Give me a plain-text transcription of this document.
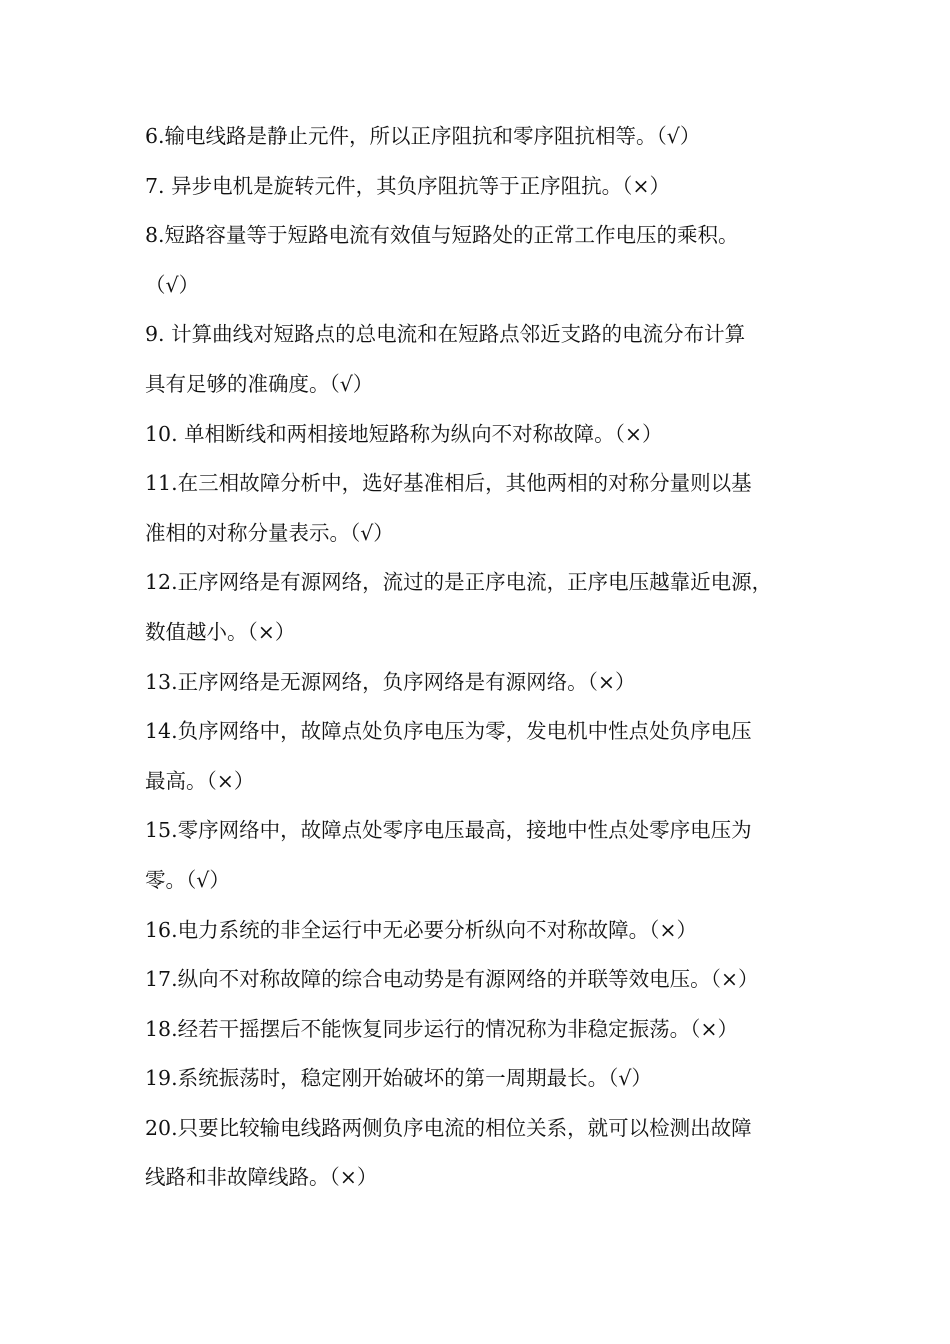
6.输电线路是静止元件，所以正序阻抗和零序阻抗相等。（√）
7. 异步电机是旋转元件，其负序阻抗等于正序阻抗。（×）
8.短路容量等于短路电流有效值与短路处的正常工作电压的乘积。
（√）
9. 计算曲线对短路点的总电流和在短路点邻近支路的电流分布计算
具有足够的准确度。（√）
10. 单相断线和两相接地短路称为纵向不对称故障。（×）
11.在三相故障分析中，选好基准相后，其他两相的对称分量则以基
准相的对称分量表示。（√）
12.正序网络是有源网络，流过的是正序电流，正序电压越靠近电源，
数值越小。（×）
13.正序网络是无源网络，负序网络是有源网络。（×）
14.负序网络中，故障点处负序电压为零，发电机中性点处负序电压
最高。（×）
15.零序网络中，故障点处零序电压最高，接地中性点处零序电压为
零。（√）
16.电力系统的非全运行中无必要分析纵向不对称故障。（×）
17.纵向不对称故障的综合电动势是有源网络的并联等效电压。（×）
18.经若干摇摆后不能恢复同步运行的情况称为非稳定振荡。（×）
19.系统振荡时，稳定刚开始破坏的第一周期最长。（√）
20.只要比较输电线路两侧负序电流的相位关系，就可以检测出故障
线路和非故障线路。（×）
